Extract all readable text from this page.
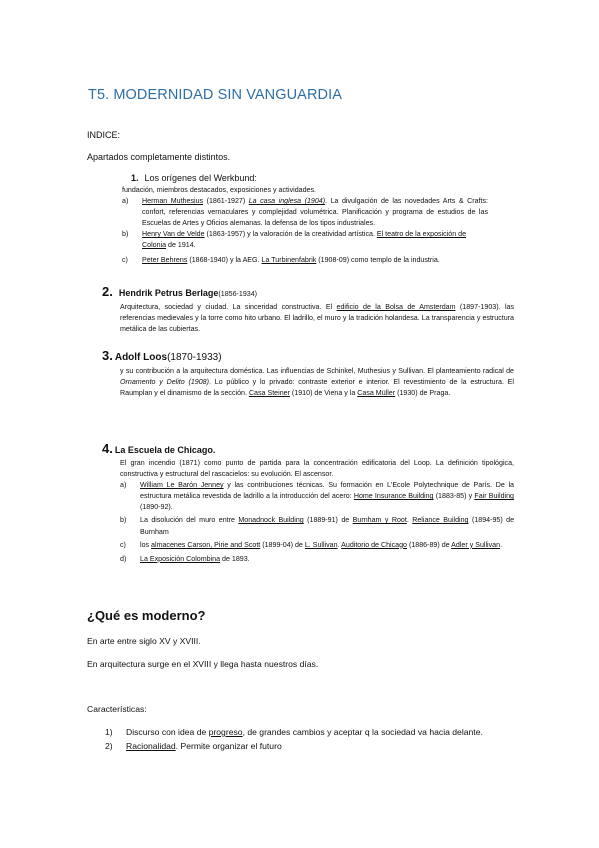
T5. MODERNIDAD SIN VANGUARDIA
INDICE:
Apartados completamente distintos.
1. Los orígenes del Werkbund:
fundación, miembros destacados, exposiciones y actividades.
a)	Herman Muthesius (1861-1927) La casa inglesa (1904). La divulgación de las novedades Arts & Crafts: confort, referencias vernaculares y complejidad volumétrica. Planificación y programa de estudios de las Escuelas de Artes y Oficios alemanas. la defensa de los tipos industriales.
b)	Henry Van de Velde (1863-1957) y la valoración de la creatividad artística. El teatro de la exposición de Colonia de 1914.
c)	Peter Behrens (1868-1940) y la AEG. La Turbinenfabrik (1908-09) como templo de la industria.
2. Hendrik Petrus Berlage (1856-1934)
Arquitectura, sociedad y ciudad. La sinceridad constructiva. El edificio de la Bolsa de Amsterdam (1897-1903). las referencias medievales y la torre como hito urbano. El ladrillo, el muro y la tradición holandesa. La transparencia y estructura metálica de las cubiertas.
3. Adolf Loos (1870-1933)
y su contribución a la arquitectura doméstica. Las influencias de Schinkel, Muthesius y Sullivan. El planteamiento radical de Ornamento y Delito (1908). Lo público y lo privado: contraste exterior e interior. El revestimiento de la estructura. El Raumplan y el dinamismo de la sección. Casa Steiner (1910) de Viena y la Casa Müller (1930) de Praga.
4. La Escuela de Chicago.
El gran incendio (1871) como punto de partida para la concentración edificatoria del Loop. La definición tipológica, constructiva y estructural del rascacielos: su evolución. El ascensor.
a)	William Le Barón Jenney y las contribuciones técnicas. Su formación en L'Ecole Polytechnique de París. De la estructura metálica revestida de ladrillo a la introducción del acero: Home Insurance Building (1883-85) y Fair Building (1890-92).
b)	La disolución del muro entre Monadnock Building (1889-91) de Burnham y Root. Reliance Building (1894-95) de Burnham
c)	los almacenes Carson, Pirie and Scott (1899-04) de L. Sullivan. Auditorio de Chicago (1886-89) de Adler y Sullivan.
d)	La Exposición Colombina de 1893.
¿Qué es moderno?
En arte entre siglo XV y XVIII.
En arquitectura surge en el XVIII y llega hasta nuestros días.
Características:
1)	Discurso con idea de progreso, de grandes cambios y aceptar q la sociedad va hacia delante.
2)	Racionalidad. Permite organizar el futuro
